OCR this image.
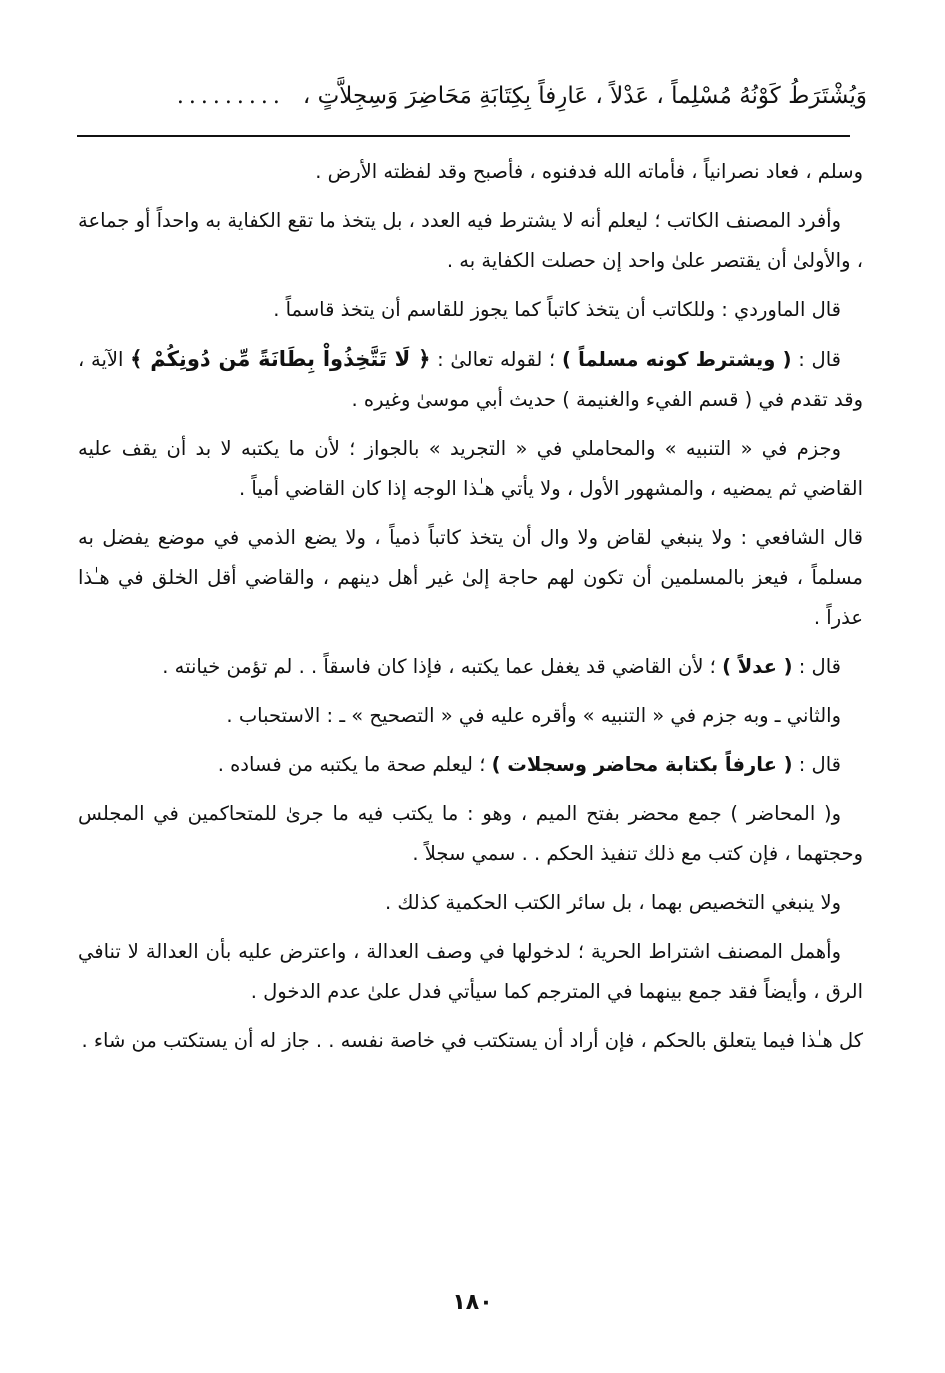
وَيُشْتَرَطُ كَوْنُهُ مُسْلِماً ، عَدْلاً ، عَارِفاً بِكِتَابَةِ مَحَاضِرَ وَسِجِلاَّتٍ ،
.........

وسلم ، فعاد نصرانياً ، فأماته الله فدفنوه ، فأصبح وقد لفظته الأرض .

وأفرد المصنف الكاتب ؛ ليعلم أنه لا يشترط فيه العدد ، بل يتخذ ما تقع الكفاية به واحداً أو جماعة ، والأولىٰ أن يقتصر علىٰ واحد إن حصلت الكفاية به .

قال الماوردي : وللكاتب أن يتخذ كاتباً كما يجوز للقاسم أن يتخذ قاسماً .

قال : ( ويشترط كونه مسلماً ) ؛ لقوله تعالىٰ : ﴿ لَا تَتَّخِذُواْ بِطَانَةً مِّن دُونِكُمْ ﴾ الآية ، وقد تقدم في ( قسم الفيء والغنيمة ) حديث أبي موسىٰ وغيره .

وجزم في « التنبيه » والمحاملي في « التجريد » بالجواز ؛ لأن ما يكتبه لا بد أن يقف عليه القاضي ثم يمضيه ، والمشهور الأول ، ولا يأتي هـٰذا الوجه إذا كان القاضي أمياً .

قال الشافعي : ولا ينبغي لقاض ولا وال أن يتخذ كاتباً ذمياً ، ولا يضع الذمي في موضع يفضل به مسلماً ، فيعز بالمسلمين أن تكون لهم حاجة إلىٰ غير أهل دينهم ، والقاضي أقل الخلق في هـٰذا عذراً .

قال : ( عدلاً ) ؛ لأن القاضي قد يغفل عما يكتبه ، فإذا كان فاسقاً . . لم تؤمن خيانته .

والثاني ـ وبه جزم في « التنبيه » وأقره عليه في « التصحيح » ـ : الاستحباب .

قال : ( عارفاً بكتابة محاضر وسجلات ) ؛ ليعلم صحة ما يكتبه من فساده .

و( المحاضر ) جمع محضر بفتح الميم ، وهو : ما يكتب فيه ما جرىٰ للمتحاكمين في المجلس وحجتهما ، فإن كتب مع ذلك تنفيذ الحكم . . سمي سجلاً .

ولا ينبغي التخصيص بهما ، بل سائر الكتب الحكمية كذلك .

وأهمل المصنف اشتراط الحرية ؛ لدخولها في وصف العدالة ، واعترض عليه بأن العدالة لا تنافي الرق ، وأيضاً فقد جمع بينهما في المترجم كما سيأتي فدل علىٰ عدم الدخول .

كل هـٰذا فيما يتعلق بالحكم ، فإن أراد أن يستكتب في خاصة نفسه . . جاز له أن يستكتب من شاء .

١٨٠
